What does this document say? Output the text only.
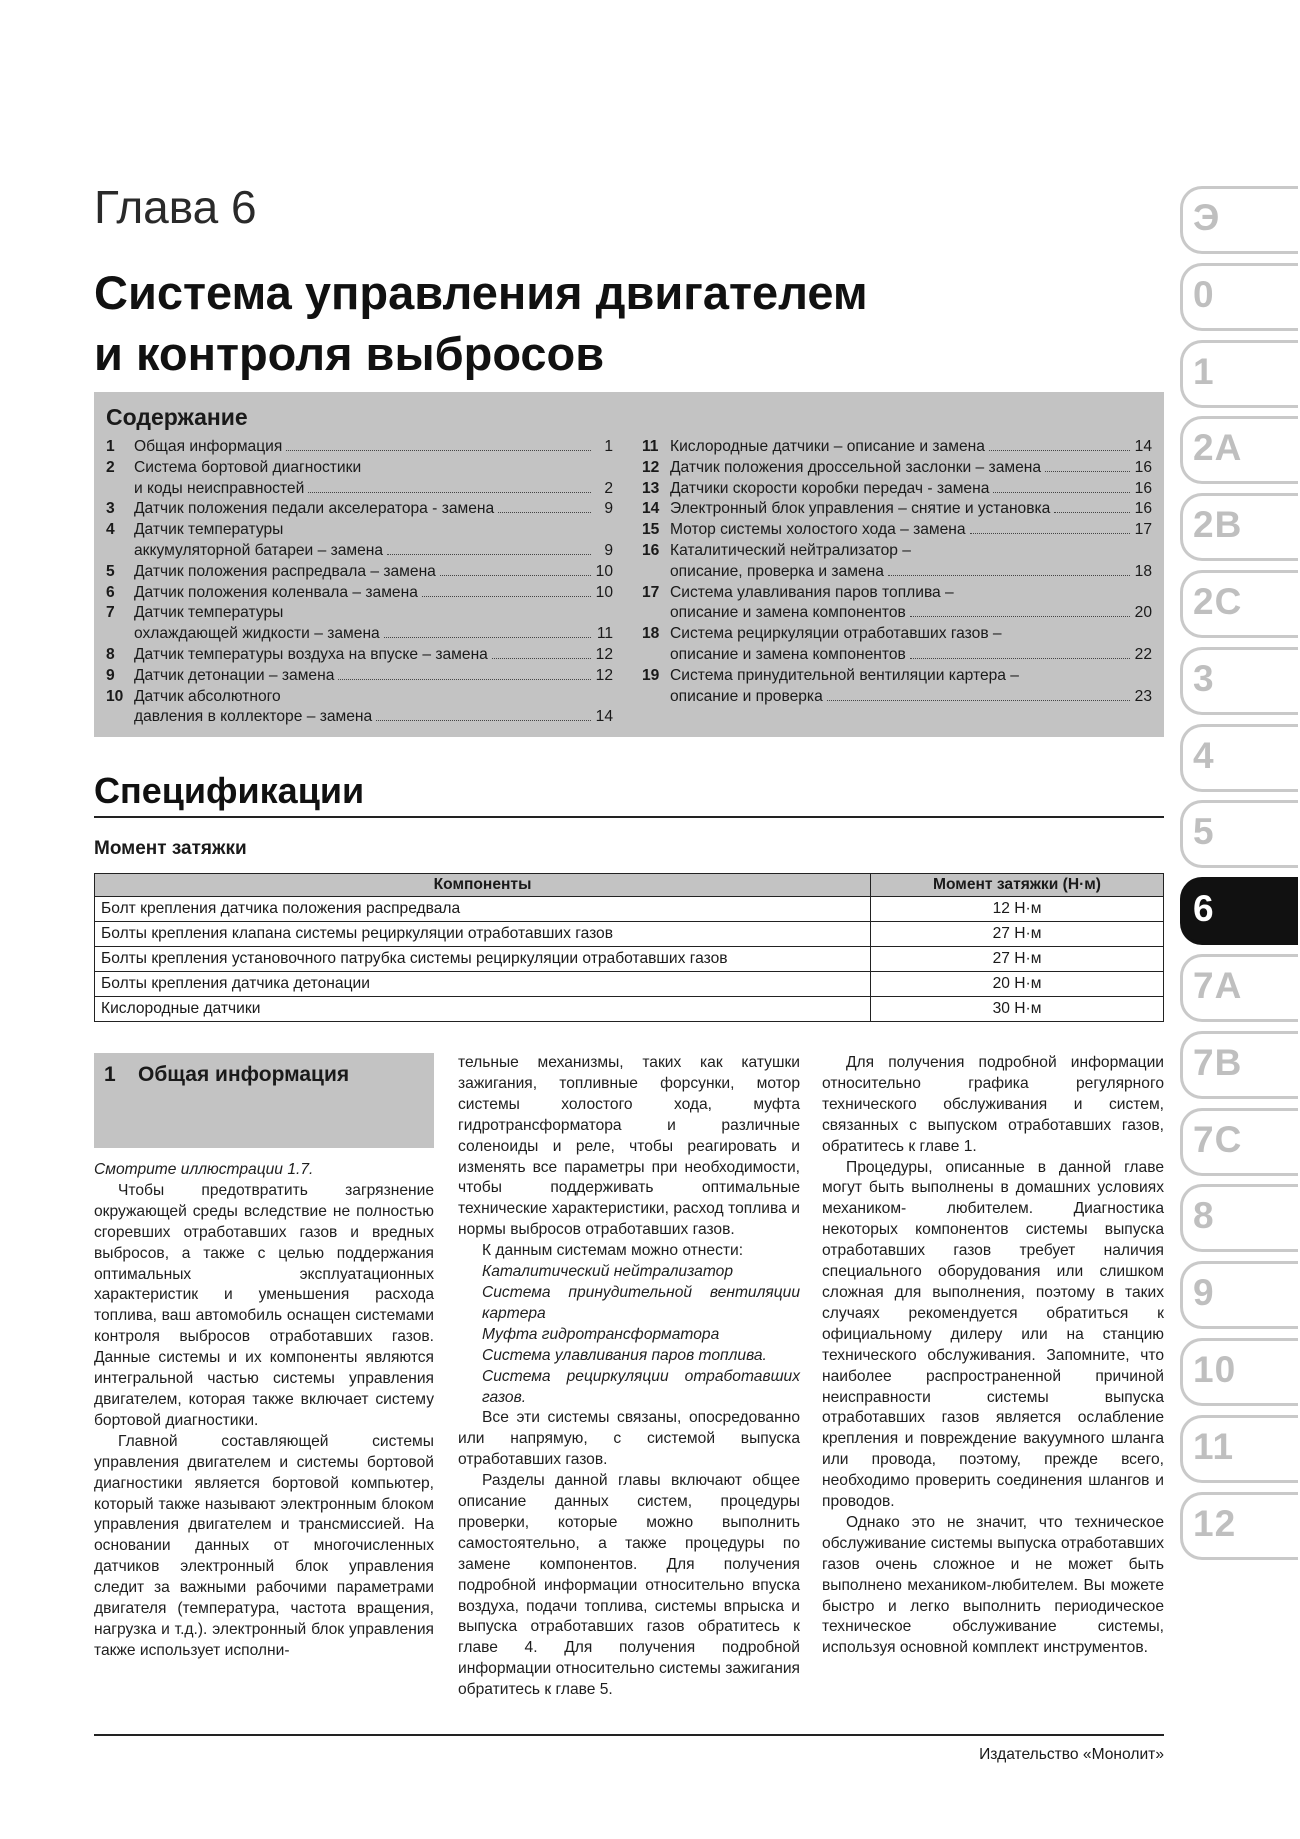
Глава 6
Система управления двигателем
и контроля выбросов
Содержание
1	Общая информация	1
2	Система бортовой диагностики
и коды неисправностей	2
3	Датчик положения педали акселератора - замена	9
4	Датчик температуры
аккумуляторной батареи – замена	9
5	Датчик положения распредвала – замена	10
6	Датчик положения коленвала – замена	10
7	Датчик температуры
охлаждающей жидкости – замена	11
8	Датчик температуры воздуха на впуске – замена	12
9	Датчик детонации – замена	12
10 Датчик абсолютного
давления в коллекторе – замена	14
11 Кислородные датчики – описание и замена	14
12 Датчик положения дроссельной заслонки – замена	16
13 Датчики скорости коробки передач - замена	16
14 Электронный блок управления – снятие и установка	16
15 Мотор системы холостого хода – замена	17
16 Каталитический нейтрализатор –
описание, проверка и замена	18
17 Система улавливания паров топлива –
описание и замена компонентов	20
18 Система рециркуляции отработавших газов –
описание и замена компонентов	22
19 Система принудительной вентиляции картера –
описание и проверка	23
Спецификации
Момент затяжки
Компоненты	Момент затяжки (Н·м)
Болт крепления датчика положения распредвала	12 Н·м
Болты крепления клапана системы рециркуляции отработавших газов	27 Н·м
Болты крепления установочного патрубка системы рециркуляции отработавших газов	27 Н·м
Болты крепления датчика детонации	20 Н·м
Кислородные датчики	30 Н·м
1 Общая информация

Смотрите иллюстрации 1.7.

Чтобы предотвратить загрязнение окружающей среды вследствие не полностью сгоревших отработавших газов и вредных выбросов, а также с целью поддержания оптимальных эксплуатационных характеристик и уменьшения расхода топлива, ваш автомобиль оснащен системами контроля выбросов отработавших газов. Данные системы и их компоненты являются интегральной частью системы управления двигателем, которая также включает систему бортовой диагностики.

Главной составляющей системы управления двигателем и системы бортовой диагностики является бортовой компьютер, который также называют электронным блоком управления двигателем и трансмиссией. На основании данных от многочисленных датчиков электронный блок управления следит за важными рабочими параметрами двигателя (температура, частота вращения, нагрузка и т.д.). электронный блок управления также использует исполни-

тельные механизмы, таких как катушки зажигания, топливные форсунки, мотор системы холостого хода, муфта гидротрансформатора и различные соленоиды и реле, чтобы реагировать и изменять все параметры при необходимости, чтобы поддерживать оптимальные технические характеристики, расход топлива и нормы выбросов отработавших газов.

К данным системам можно отнести:

Каталитический нейтрализатор
Система принудительной вентиляции картера
Муфта гидротрансформатора
Система улавливания паров топлива.
Система рециркуляции отработавших газов.

Все эти системы связаны, опосредованно или напрямую, с системой выпуска отработавших газов.

Разделы данной главы включают общее описание данных систем, процедуры проверки, которые можно выполнить самостоятельно, а также процедуры по замене компонентов. Для получения подробной информации относительно впуска воздуха, подачи топлива, системы впрыска и выпуска отработавших газов обратитесь к главе 4. Для получения подробной информации относительно системы зажигания обратитесь к главе 5.

Для получения подробной информации относительно графика регулярного технического обслуживания и систем, связанных с выпуском отработавших газов, обратитесь к главе 1.

Процедуры, описанные в данной главе могут быть выполнены в домашних условиях механиком- любителем. Диагностика некоторых компонентов системы выпуска отработавших газов требует наличия специального оборудования или слишком сложная для выполнения, поэтому в таких случаях рекомендуется обратиться к официальному дилеру или на станцию технического обслуживания. Запомните, что наиболее распространенной причиной неисправности системы выпуска отработавших газов является ослабление крепления и повреждение вакуумного шланга или провода, поэтому, прежде всего, необходимо проверить соединения шлангов и проводов.

Однако это не значит, что техническое обслуживание системы выпуска отработавших газов очень сложное и не может быть выполнено механиком-любителем. Вы можете быстро и легко выполнить периодическое техническое обслуживание системы, используя основной комплект инструментов.

Издательство «Монолит»
Э
0
1
2A
2B
2C
3
4
5
6
7A
7B
7C
8
9
10
11
12
